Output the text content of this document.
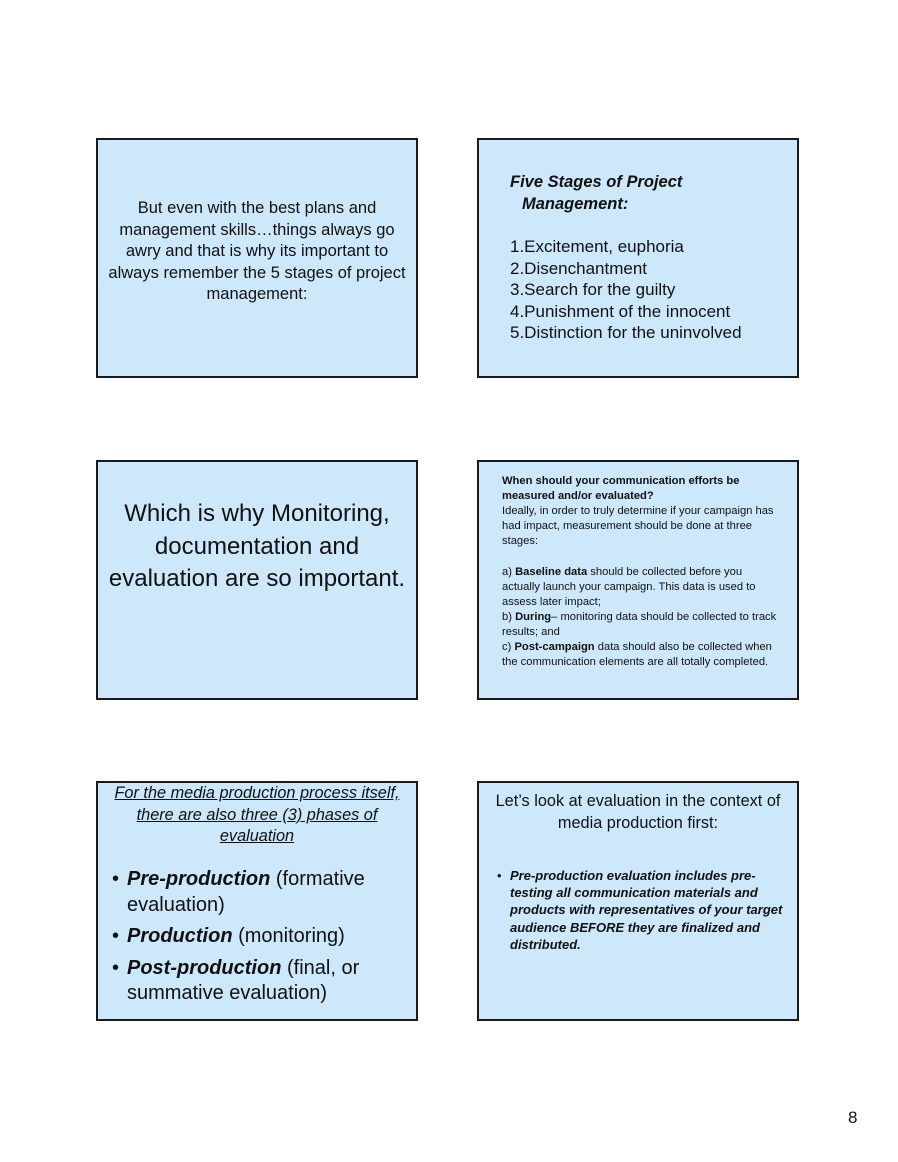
But even with the best plans and management skills…things always go awry and that is why its important to always remember the 5 stages of project management:
Five Stages of Project
Management:
1.Excitement, euphoria
2.Disenchantment
3.Search for the guilty
4.Punishment of the innocent
5.Distinction for the uninvolved
Which is why Monitoring, documentation and evaluation are so important.

When should your communication efforts be measured and/or evaluated?

Ideally, in order to truly determine if your campaign has had impact, measurement should be done at three stages:

a) Baseline data should be collected before you actually launch your campaign. This data is used to assess later impact;

b) During– monitoring data should be collected to track results; and

c) Post-campaign data should also be collected when the communication elements are all totally completed.

For the media production process itself, there are also three (3) phases of evaluation
• Pre-production (formative evaluation)
• Production (monitoring)
• Post-production (final, or summative evaluation)
Let’s look at evaluation in the context of media production first:
• Pre-production evaluation includes pre-testing all communication materials and products with representatives of your target audience BEFORE they are finalized and distributed.
8
